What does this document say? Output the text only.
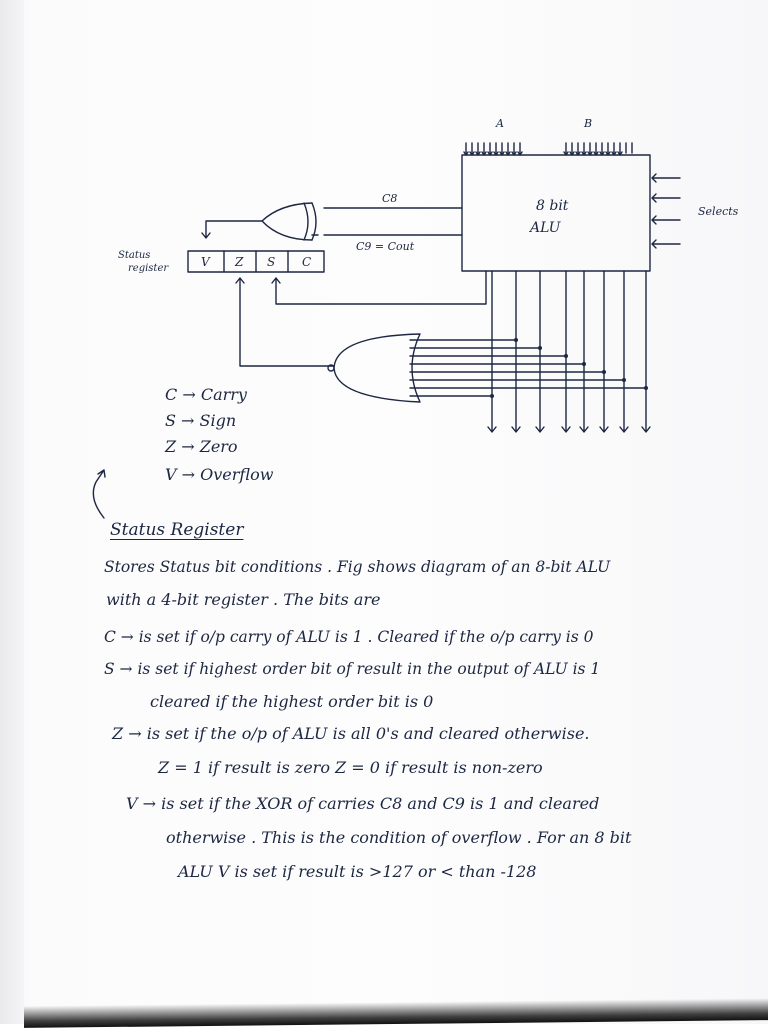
8 bit
ALU
A	B
Selects
C8
C9 = Cout
Status
register	V Z S C
C → Carry
S → Sign
Z → Zero
V → Overflow
Status Register
Stores Status bit conditions . Fig shows diagram of an 8-bit ALU
with a 4-bit register . The bits are
C → is set if o/p carry of ALU is 1 . Cleared if the o/p carry is 0
S → is set if highest order bit of result in the output of ALU is 1
cleared if the highest order bit is 0
Z → is set if the o/p of ALU is all 0's and cleared otherwise.
Z = 1 if result is zero Z = 0 if result is non-zero
V → is set if the XOR of carries C8 and C9 is 1 and cleared
otherwise . This is the condition of overflow . For an 8 bit
ALU V is set if result is >127 or < than -128
